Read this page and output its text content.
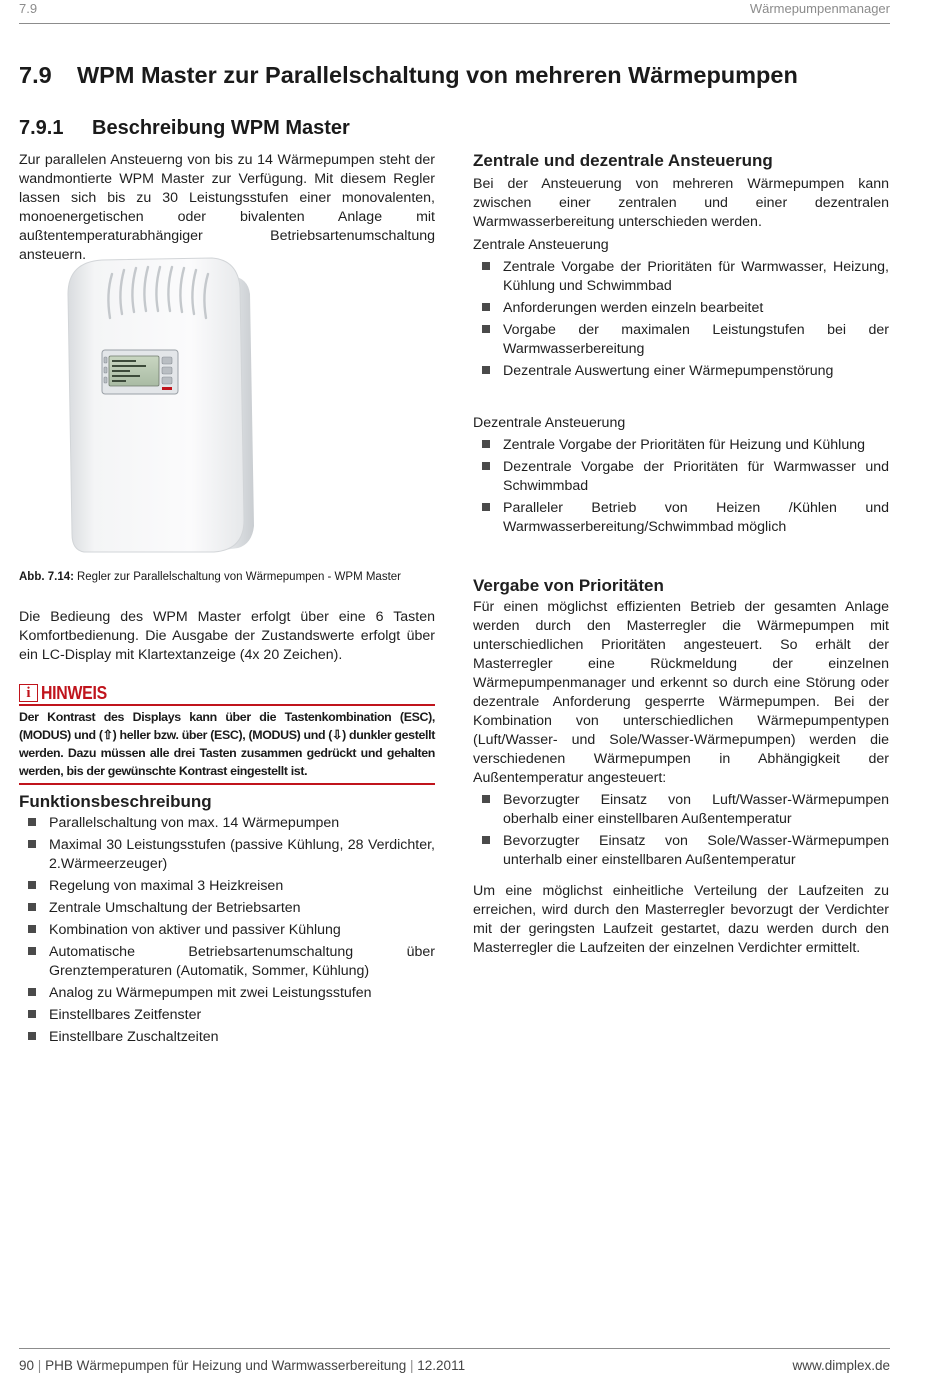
7.9	Wärmepumpenmanager
7.9 WPM Master zur Parallelschaltung von mehreren Wärmepumpen
7.9.1 Beschreibung WPM Master

Zur parallelen Ansteuerng von bis zu 14 Wärmepumpen steht der wandmontierte WPM Master zur Verfügung. Mit diesem Regler lassen sich bis zu 30 Leistungsstufen einer monovalenten, monoenergetischen oder bivalenten Anlage mit außtentemperaturabhängiger Betriebsartenumschaltung ansteuern.

Abb. 7.14: Regler zur Parallelschaltung von Wärmepumpen - WPM Master

Die Bedieung des WPM Master erfolgt über eine 6 Tasten Komfortbedienung. Die Ausgabe der Zustandswerte erfolgt über ein LC-Display mit Klartextanzeige (4x 20 Zeichen).

i HINWEIS

Der Kontrast des Displays kann über die Tastenkombination (ESC), (MODUS) und (⇧) heller bzw. über (ESC), (MODUS) und (⇩) dunkler gestellt werden. Dazu müssen alle drei Tasten zusammen gedrückt und gehalten werden, bis der gewünschte Kontrast eingestellt ist.

Funktionsbeschreibung
Parallelschaltung von max. 14 Wärmepumpen
Maximal 30 Leistungsstufen (passive Kühlung, 28 Verdichter, 2.Wärmeerzeuger)
Regelung von maximal 3 Heizkreisen
Zentrale Umschaltung der Betriebsarten
Kombination von aktiver und passiver Kühlung
Automatische Betriebsartenumschaltung über Grenztemperaturen (Automatik, Sommer, Kühlung)
Analog zu Wärmepumpen mit zwei Leistungsstufen
Einstellbares Zeitfenster
Einstellbare Zuschaltzeiten
Zentrale und dezentrale Ansteuerung

Bei der Ansteuerung von mehreren Wärmepumpen kann zwischen einer zentralen und einer dezentralen Warmwasserbereitung unterschieden werden.

Zentrale Ansteuerung
Zentrale Vorgabe der Prioritäten für Warmwasser, Heizung, Kühlung und Schwimmbad
Anforderungen werden einzeln bearbeitet
Vorgabe der maximalen Leistungstufen bei der Warmwasserbereitung
Dezentrale Auswertung einer Wärmepumpenstörung
Dezentrale Ansteuerung
Zentrale Vorgabe der Prioritäten für Heizung und Kühlung
Dezentrale Vorgabe der Prioritäten für Warmwasser und Schwimmbad
Paralleler Betrieb von Heizen /Kühlen und Warmwasserbereitung/Schwimmbad möglich
Vergabe von Prioritäten

Für einen möglichst effizienten Betrieb der gesamten Anlage werden durch den Masterregler die Wärmepumpen mit unterschiedlichen Prioritäten angesteuert. So erhält der Masterregler eine Rückmeldung der einzelnen Wärmepumpenmanager und erkennt so durch eine Störung oder dezentrale Anforderung gesperrte Wärmepumpen. Bei der Kombination von unterschiedlichen Wärmepumpentypen (Luft/Wasser- und Sole/Wasser-Wärmepumpen) werden die verschiedenen Wärmepumpen in Abhängigkeit der Außentemperatur angesteuert:

Bevorzugter Einsatz von Luft/Wasser-Wärmepumpen oberhalb einer einstellbaren Außentemperatur
Bevorzugter Einsatz von Sole/Wasser-Wärmepumpen unterhalb einer einstellbaren Außentemperatur

Um eine möglichst einheitliche Verteilung der Laufzeiten zu erreichen, wird durch den Masterregler bevorzugt der Verdichter mit der geringsten Laufzeit gestartet, dazu werden durch den Masterregler die Laufzeiten der einzelnen Verdichter ermittelt.

90 | PHB Wärmepumpen für Heizung und Warmwasserbereitung | 12.2011	www.dimplex.de
